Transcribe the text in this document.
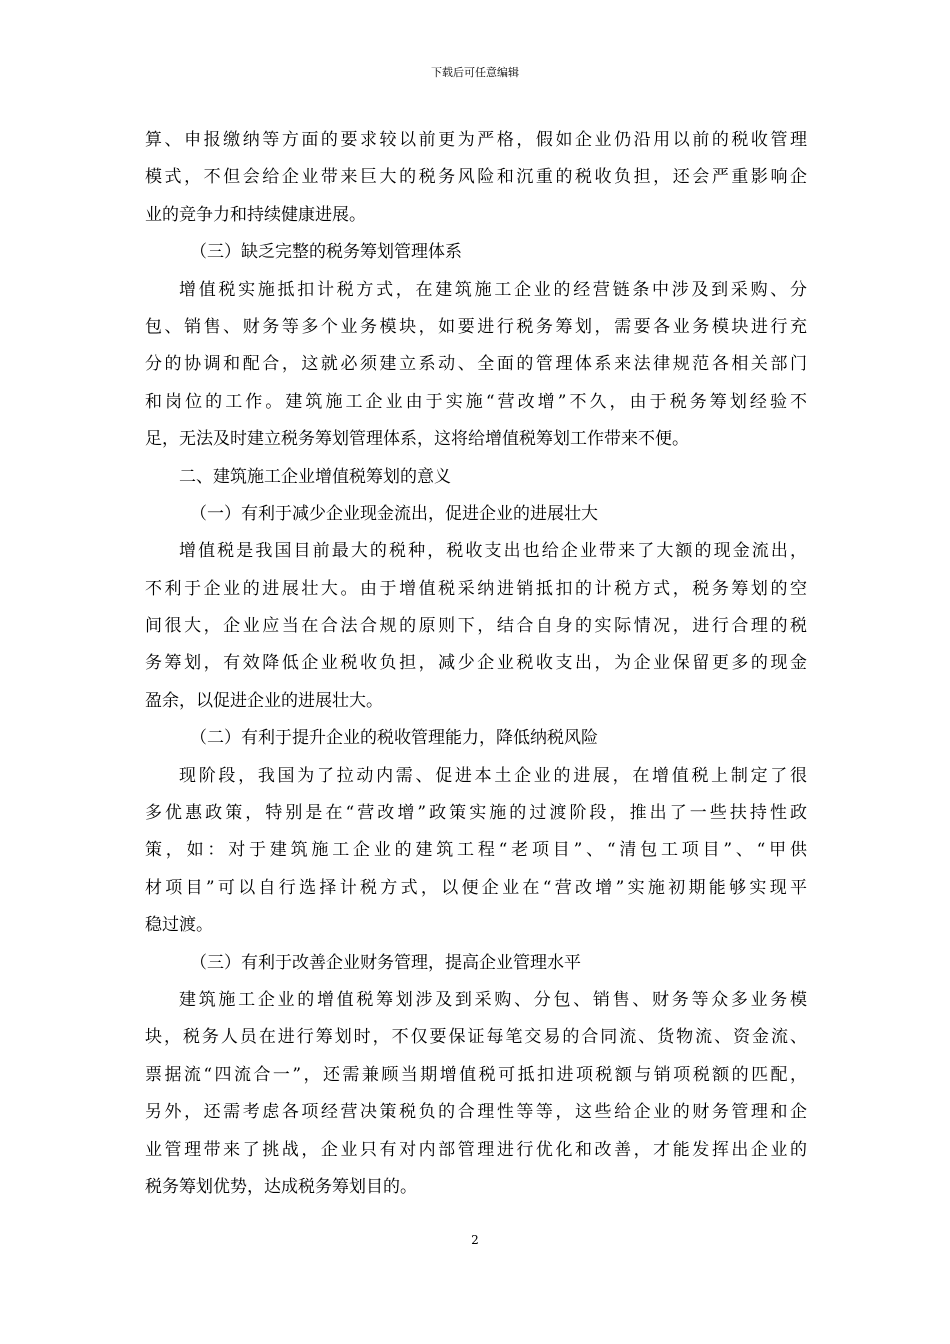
下载后可任意编辑
算、申报缴纳等方面的要求较以前更为严格，假如企业仍沿用以前的税收管理
模式，不但会给企业带来巨大的税务风险和沉重的税收负担，还会严重影响企
业的竞争力和持续健康进展。
（三）缺乏完整的税务筹划管理体系
增值税实施抵扣计税方式，在建筑施工企业的经营链条中涉及到采购、分
包、销售、财务等多个业务模块，如要进行税务筹划，需要各业务模块进行充
分的协调和配合，这就必须建立系动、全面的管理体系来法律规范各相关部门
和岗位的工作。建筑施工企业由于实施“营改增”不久，由于税务筹划经验不
足，无法及时建立税务筹划管理体系，这将给增值税筹划工作带来不便。
二、建筑施工企业增值税筹划的意义
（一）有利于减少企业现金流出，促进企业的进展壮大
增值税是我国目前最大的税种，税收支出也给企业带来了大额的现金流出，
不利于企业的进展壮大。由于增值税采纳进销抵扣的计税方式，税务筹划的空
间很大，企业应当在合法合规的原则下，结合自身的实际情况，进行合理的税
务筹划，有效降低企业税收负担，减少企业税收支出，为企业保留更多的现金
盈余，以促进企业的进展壮大。
（二）有利于提升企业的税收管理能力，降低纳税风险
现阶段，我国为了拉动内需、促进本土企业的进展，在增值税上制定了很
多优惠政策，特别是在“营改增”政策实施的过渡阶段，推出了一些扶持性政
策，如：对于建筑施工企业的建筑工程“老项目”、“清包工项目”、“甲供
材项目”可以自行选择计税方式，以便企业在“营改增”实施初期能够实现平
稳过渡。
（三）有利于改善企业财务管理，提高企业管理水平
建筑施工企业的增值税筹划涉及到采购、分包、销售、财务等众多业务模
块，税务人员在进行筹划时，不仅要保证每笔交易的合同流、货物流、资金流、
票据流“四流合一”，还需兼顾当期增值税可抵扣进项税额与销项税额的匹配，
另外，还需考虑各项经营决策税负的合理性等等，这些给企业的财务管理和企
业管理带来了挑战，企业只有对内部管理进行优化和改善，才能发挥出企业的
税务筹划优势，达成税务筹划目的。
2
